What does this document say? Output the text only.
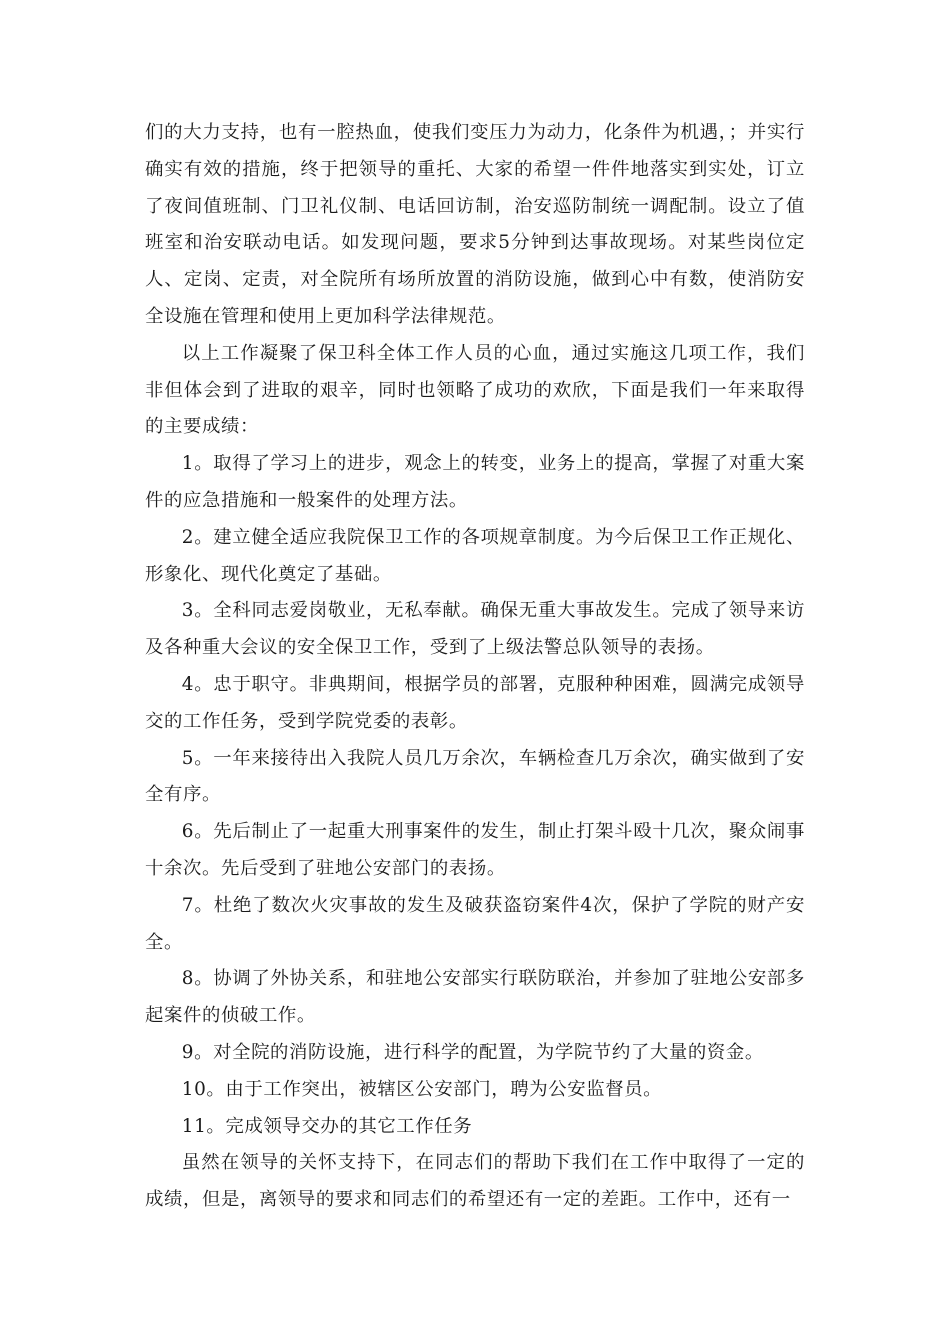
们的大力支持，也有一腔热血，使我们变压力为动力，化条件为机遇，；并实行确实有效的措施，终于把领导的重托、大家的希望一件件地落实到实处，订立了夜间值班制、门卫礼仪制、电话回访制，治安巡防制统一调配制。设立了值班室和治安联动电话。如发现问题，要求5分钟到达事故现场。对某些岗位定人、定岗、定责，对全院所有场所放置的消防设施，做到心中有数，使消防安全设施在管理和使用上更加科学法律规范。

以上工作凝聚了保卫科全体工作人员的心血，通过实施这几项工作，我们非但体会到了进取的艰辛，同时也领略了成功的欢欣，下面是我们一年来取得的主要成绩：

1。取得了学习上的进步，观念上的转变，业务上的提高，掌握了对重大案件的应急措施和一般案件的处理方法。

2。建立健全适应我院保卫工作的各项规章制度。为今后保卫工作正规化、形象化、现代化奠定了基础。

3。全科同志爱岗敬业，无私奉献。确保无重大事故发生。完成了领导来访及各种重大会议的安全保卫工作，受到了上级法警总队领导的表扬。

4。忠于职守。非典期间，根据学员的部署，克服种种困难，圆满完成领导交的工作任务，受到学院党委的表彰。

5。一年来接待出入我院人员几万余次，车辆检查几万余次，确实做到了安全有序。

6。先后制止了一起重大刑事案件的发生，制止打架斗殴十几次，聚众闹事十余次。先后受到了驻地公安部门的表扬。

7。杜绝了数次火灾事故的发生及破获盗窃案件4次，保护了学院的财产安全。

8。协调了外协关系，和驻地公安部实行联防联治，并参加了驻地公安部多起案件的侦破工作。

9。对全院的消防设施，进行科学的配置，为学院节约了大量的资金。

10。由于工作突出，被辖区公安部门，聘为公安监督员。

11。完成领导交办的其它工作任务

虽然在领导的关怀支持下，在同志们的帮助下我们在工作中取得了一定的成绩，但是，离领导的要求和同志们的希望还有一定的差距。工作中，还有一
